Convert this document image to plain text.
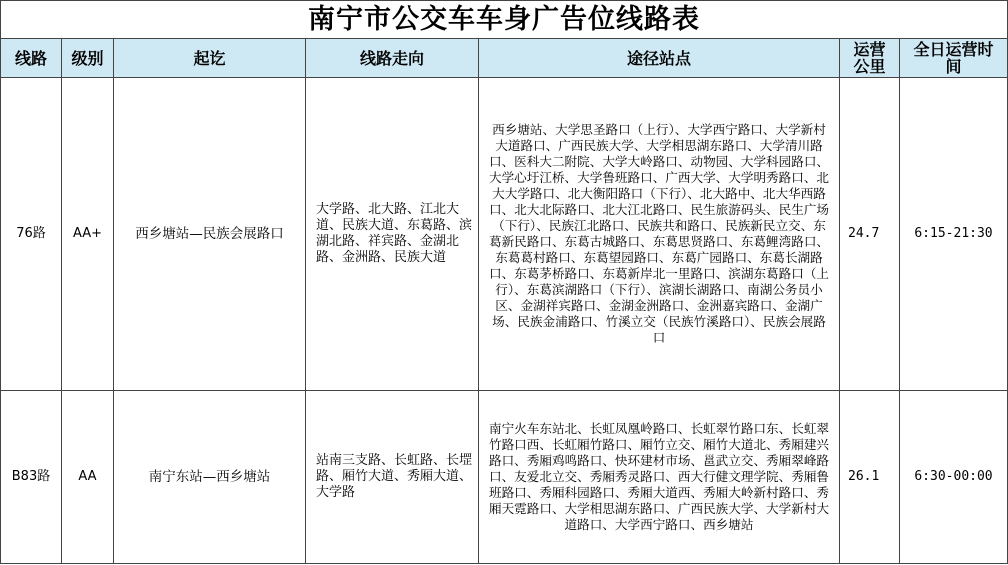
南宁市公交车车身广告位线路表
线路	级别	起讫	线路走向	途径站点	运营公里	全日运营时间
76路	AA+	西乡塘站—民族会展路口	大学路、北大路、江北大道、民族大道、东葛路、滨湖北路、祥宾路、金湖北路、金洲路、民族大道	西乡塘站、大学思圣路口（上行）、大学西宁路口、大学新村大道路口、广西民族大学、大学相思湖东路口、大学清川路口、医科大二附院、大学大岭路口、动物园、大学科园路口、大学心圩江桥、大学鲁班路口、广西大学、大学明秀路口、北大大学路口、北大衡阳路口（下行）、北大路中、北大华西路口、北大北际路口、北大江北路口、民生旅游码头、民生广场（下行）、民族江北路口、民族共和路口、民族新民立交、东葛新民路口、东葛古城路口、东葛思贤路口、东葛鲤湾路口、东葛葛村路口、东葛望园路口、东葛广园路口、东葛长湖路口、东葛茅桥路口、东葛新岸北一里路口、滨湖东葛路口（上行）、东葛滨湖路口（下行）、滨湖长湖路口、南湖公务员小区、金湖祥宾路口、金湖金洲路口、金洲嘉宾路口、金湖广场、民族金浦路口、竹溪立交（民族竹溪路口）、民族会展路口	24.7	6:15-21:30
B83路	AA	南宁东站—西乡塘站	站南三支路、长虹路、长堽路、厢竹大道、秀厢大道、大学路	南宁火车东站北、长虹凤凰岭路口、长虹翠竹路口东、长虹翠竹路口西、长虹厢竹路口、厢竹立交、厢竹大道北、秀厢建兴路口、秀厢鸡鸣路口、快环建材市场、邕武立交、秀厢翠峰路口、友爱北立交、秀厢秀灵路口、西大行健文理学院、秀厢鲁班路口、秀厢科园路口、秀厢大道西、秀厢大岭新村路口、秀厢天霓路口、大学相思湖东路口、广西民族大学、大学新村大道路口、大学西宁路口、西乡塘站	26.1	6:30-00:00
